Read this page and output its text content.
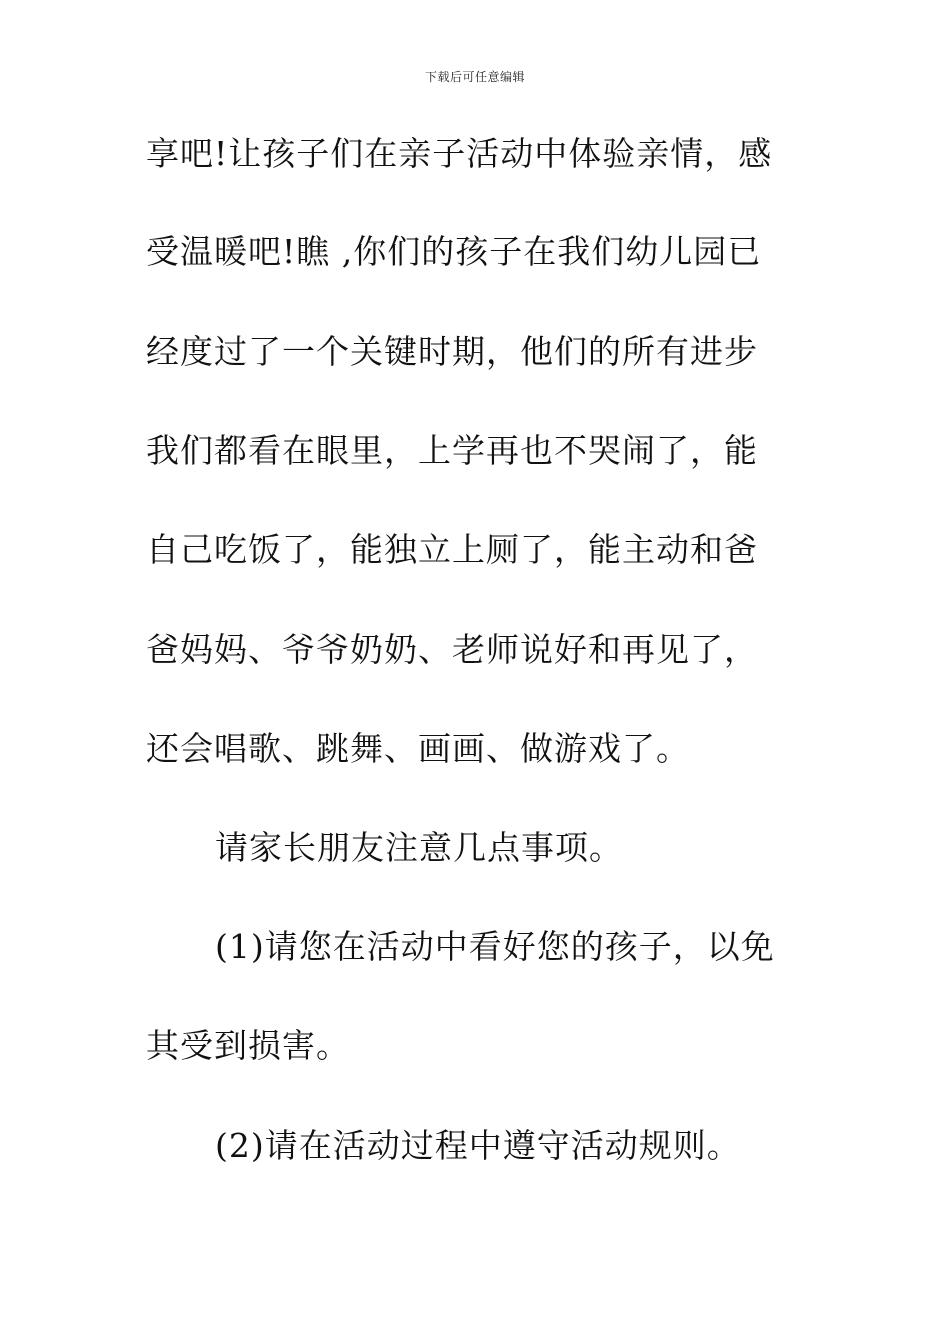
下载后可任意编辑
享吧!让孩子们在亲子活动中体验亲情，感
受温暖吧!瞧 ,你们的孩子在我们幼儿园已
经度过了一个关键时期，他们的所有进步
我们都看在眼里，上学再也不哭闹了，能
自己吃饭了，能独立上厕了，能主动和爸
爸妈妈、爷爷奶奶、老师说好和再见了，
还会唱歌、跳舞、画画、做游戏了。
请家长朋友注意几点事项。
(1)请您在活动中看好您的孩子，以免
其受到损害。
(2)请在活动过程中遵守活动规则。
